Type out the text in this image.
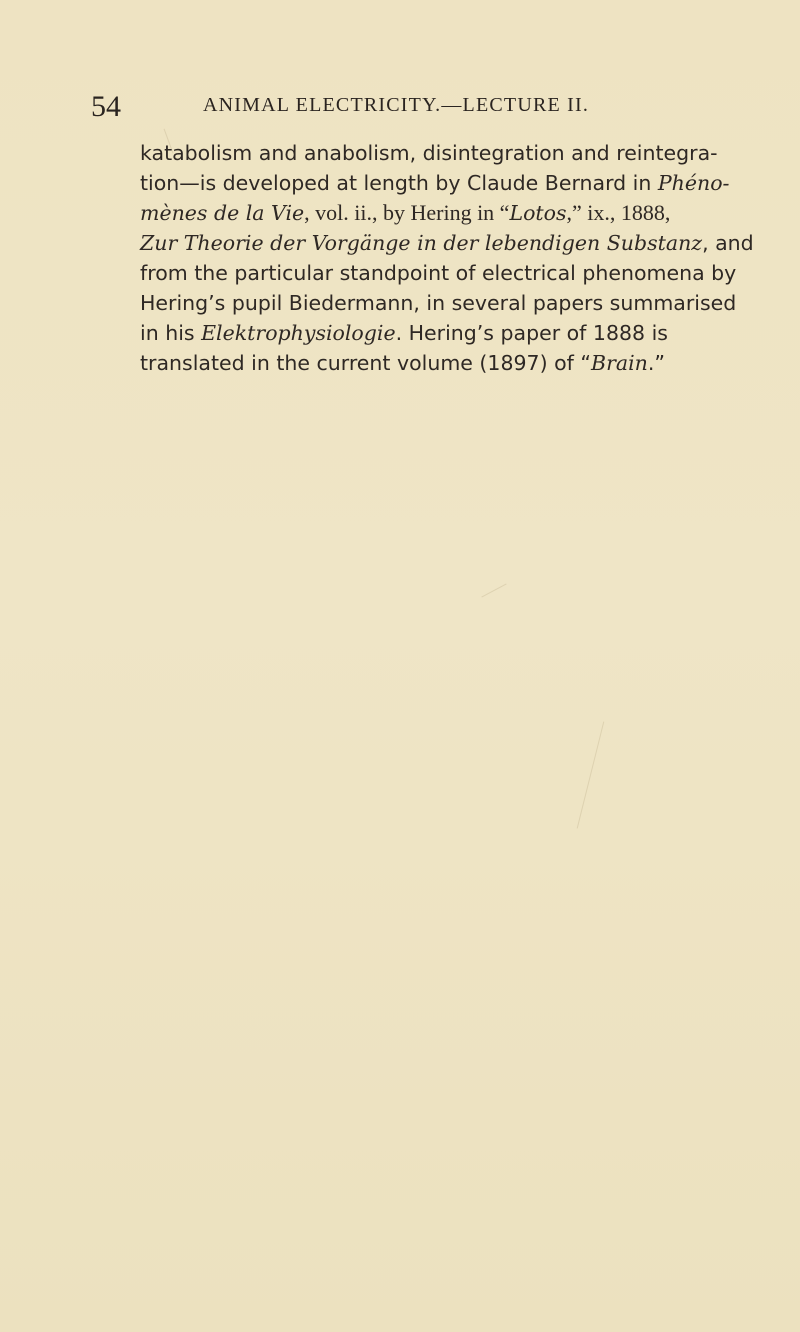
54	ANIMAL ELECTRICITY.—LECTURE II.
katabolism and anabolism, disintegration and reintegra-
tion—is developed at length by Claude Bernard in Phéno-
mènes de la Vie, vol. ii., by Hering in “Lotos,” ix., 1888,
Zur Theorie der Vorgänge in der lebendigen Substanz, and
from the particular standpoint of electrical phenomena by
Hering’s pupil Biedermann, in several papers summarised
in his Elektrophysiologie. Hering’s paper of 1888 is
translated in the current volume (1897) of “Brain.”
